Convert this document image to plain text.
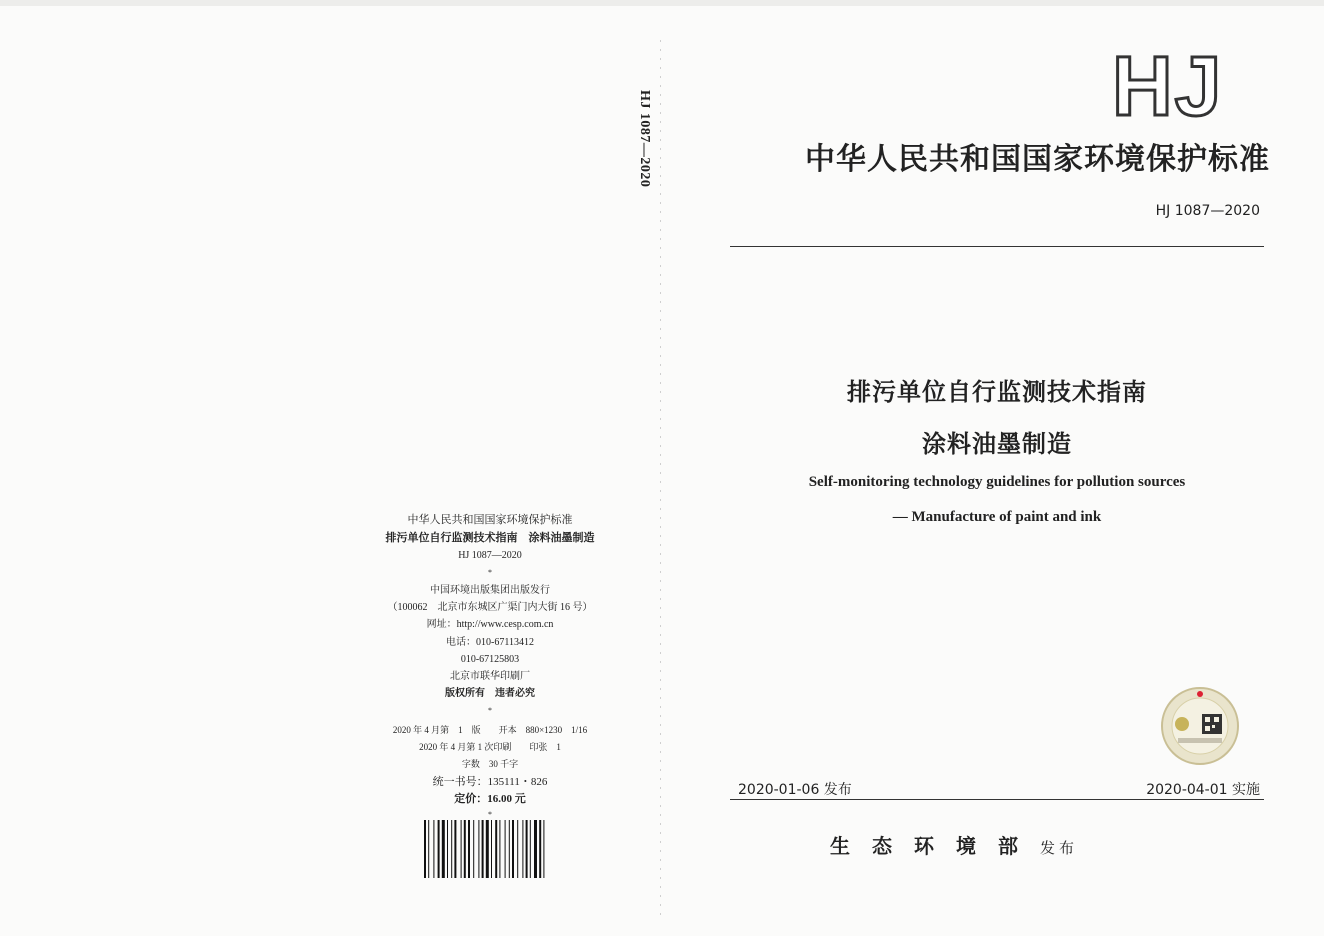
HJ 1087—2020
中华人民共和国国家环境保护标准
排污单位自行监测技术指南　涂料油墨制造
HJ 1087—2020
*
中国环境出版集团出版发行
（100062　北京市东城区广渠门内大街 16 号）
网址：http://www.cesp.com.cn
电话：010-67113412
010-67125803
北京市联华印刷厂
版权所有　违者必究
*
2020 年 4 月第　1　版　　开本　880×1230　1/16
2020 年 4 月第 1 次印刷　　印张　1
字数　30 千字
统一书号：135111・826
定价：16.00 元
*
HJ
中华人民共和国国家环境保护标准
HJ 1087—2020
排污单位自行监测技术指南
涂料油墨制造
Self-monitoring technology guidelines for pollution sources
— Manufacture of paint and ink
2020-01-06 发布	2020-04-01 实施
生态环境部发布
